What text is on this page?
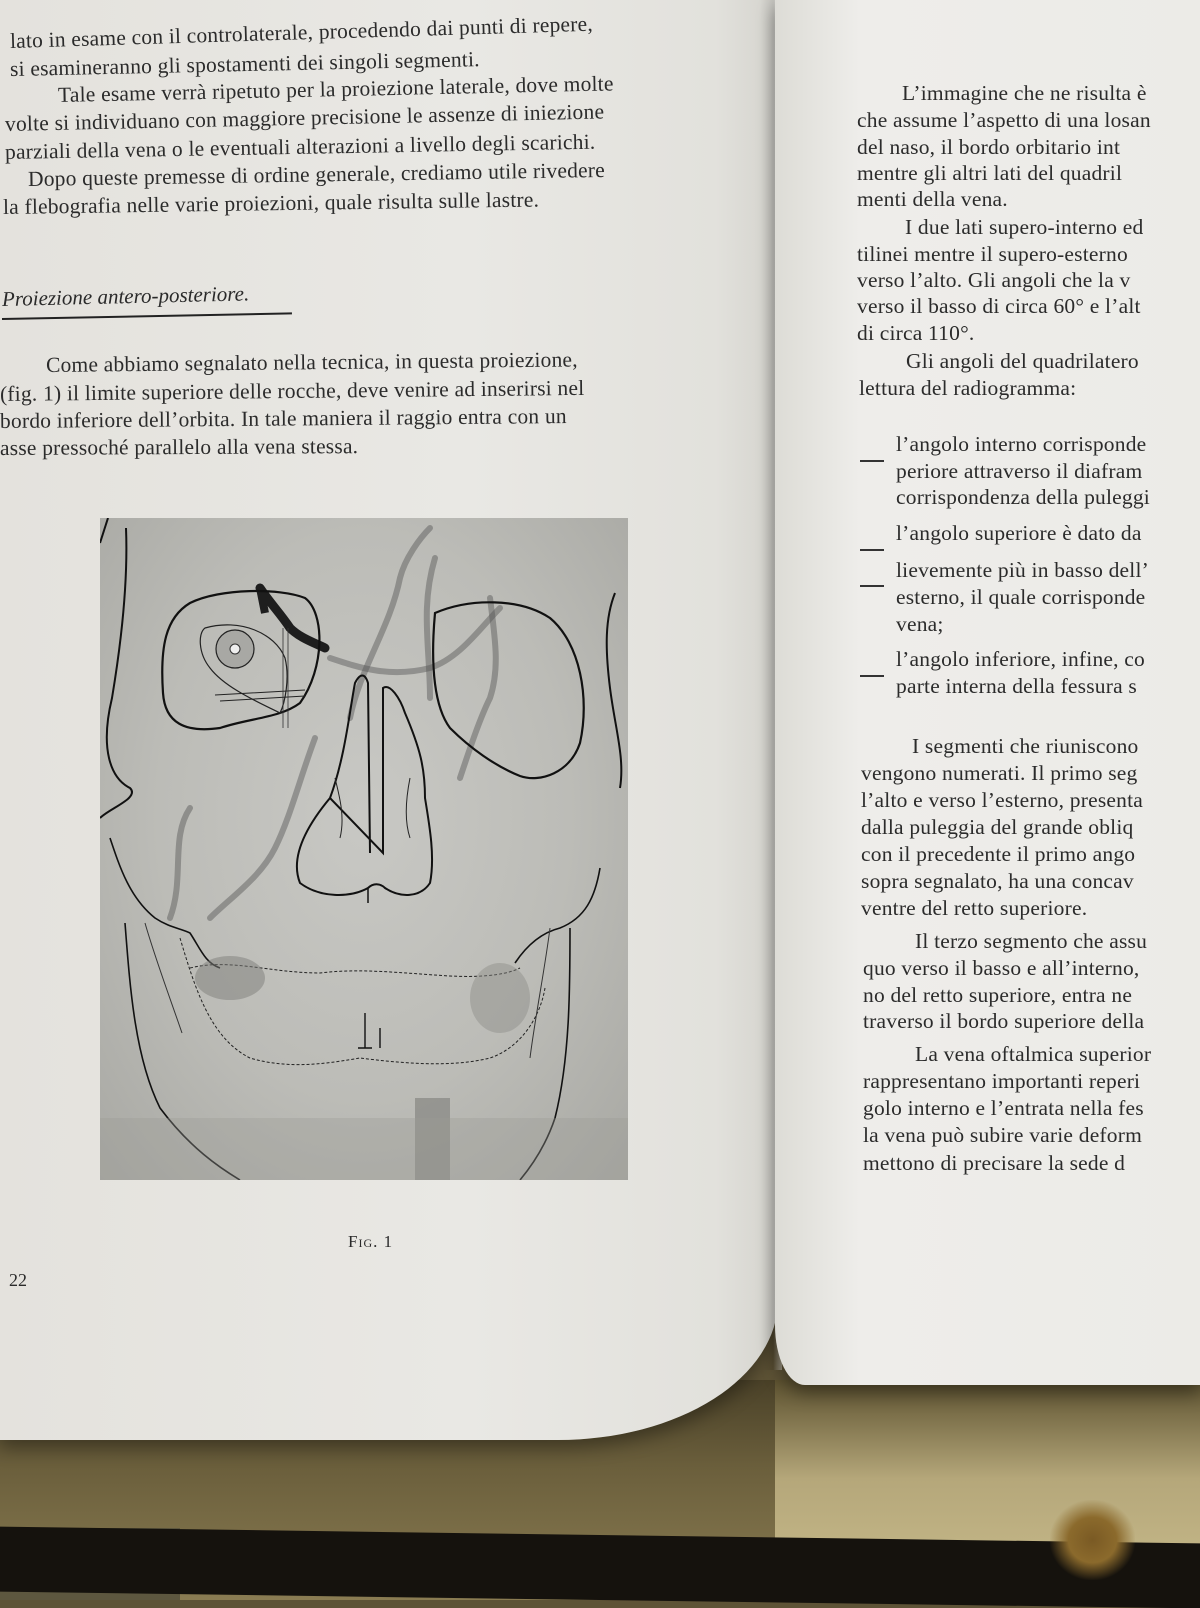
lato in esame con il controlaterale, procedendo dai punti di repere,
si esamineranno gli spostamenti dei singoli segmenti.
Tale esame verrà ripetuto per la proiezione laterale, dove molte
volte si individuano con maggiore precisione le assenze di iniezione
parziali della vena o le eventuali alterazioni a livello degli scarichi.
Dopo queste premesse di ordine generale, crediamo utile rivedere
la flebografia nelle varie proiezioni, quale risulta sulle lastre.
Proiezione antero-posteriore.
Come abbiamo segnalato nella tecnica, in questa proiezione,
(fig. 1) il limite superiore delle rocche, deve venire ad inserirsi nel
bordo inferiore dell’orbita. In tale maniera il raggio entra con un
asse pressoché parallelo alla vena stessa.
Fig. 1
22
L’immagine che ne risulta è
che assume l’aspetto di una losan
del naso, il bordo orbitario int
mentre gli altri lati del quadril
menti della vena.
I due lati supero-interno ed
tilinei mentre il supero-esterno
verso l’alto. Gli angoli che la v
verso il basso di circa 60° e l’alt
di circa 110°.
Gli angoli del quadrilatero
lettura del radiogramma:
l’angolo interno corrisponde
periore attraverso il diafram
corrispondenza della puleggi
l’angolo superiore è dato da
lievemente più in basso dell’
esterno, il quale corrisponde
vena;
l’angolo inferiore, infine, co
parte interna della fessura s
I segmenti che riuniscono
vengono numerati. Il primo seg
l’alto e verso l’esterno, presenta
dalla puleggia del grande obliq
con il precedente il primo ango
sopra segnalato, ha una concav
ventre del retto superiore.
Il terzo segmento che assu
quo verso il basso e all’interno,
no del retto superiore, entra ne
traverso il bordo superiore della
La vena oftalmica superior
rappresentano importanti reperi
golo interno e l’entrata nella fes
la vena può subire varie deform
mettono di precisare la sede d
